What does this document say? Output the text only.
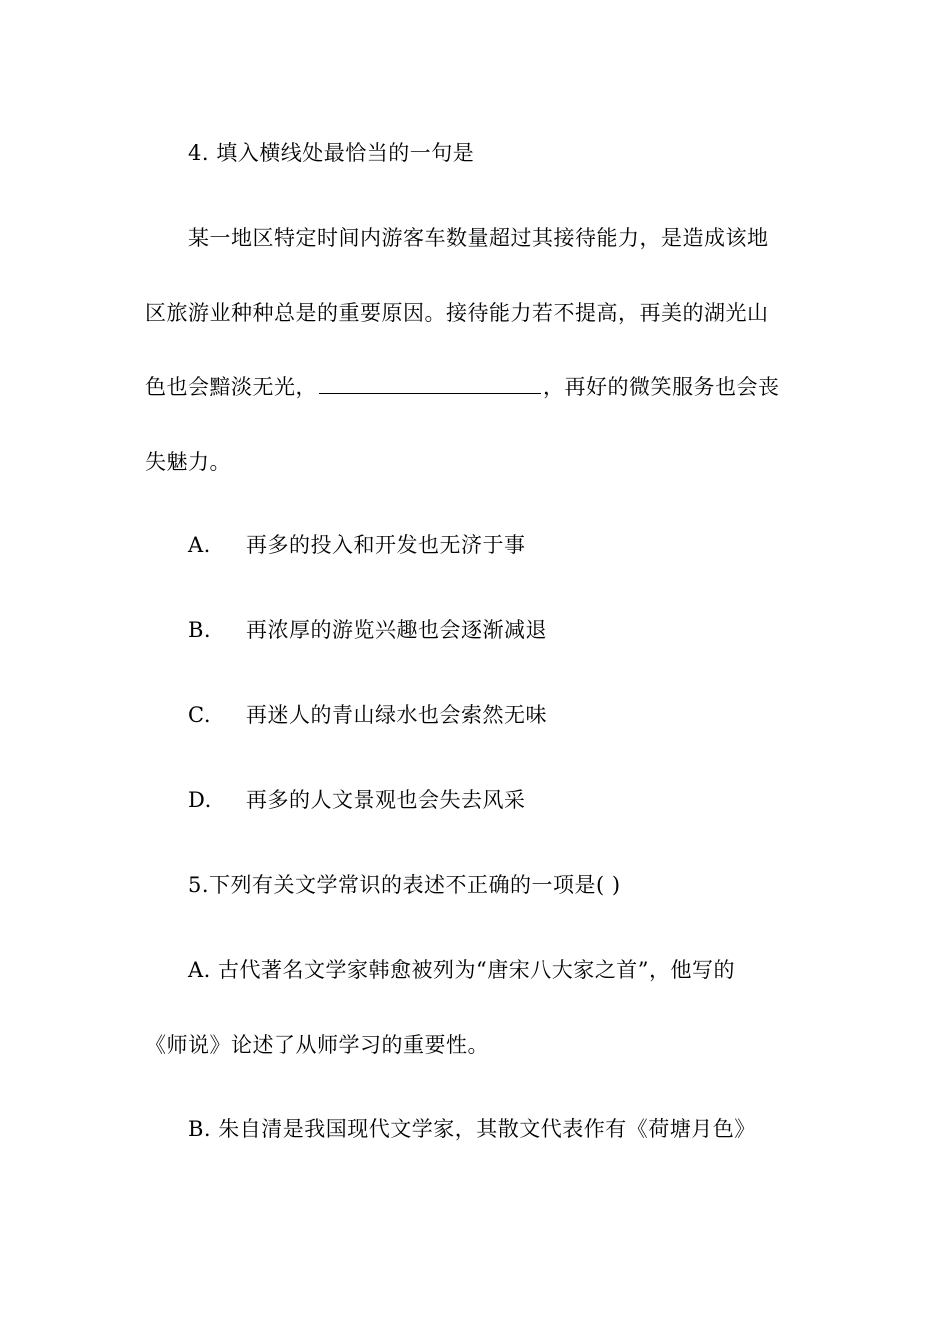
4. 填入横线处最恰当的一句是
某一地区特定时间内游客车数量超过其接待能力，是造成该地
区旅游业种种总是的重要原因。接待能力若不提高，再美的湖光山
色也会黯淡无光，	，再好的微笑服务也会丧
失魅力。
A. 再多的投入和开发也无济于事
B. 再浓厚的游览兴趣也会逐渐减退
C. 再迷人的青山绿水也会索然无味
D. 再多的人文景观也会失去风采
5.下列有关文学常识的表述不正确的一项是( )
A. 古代著名文学家韩愈被列为“唐宋八大家之首”，他写的
《师说》论述了从师学习的重要性。
B. 朱自清是我国现代文学家，其散文代表作有《荷塘月色》
